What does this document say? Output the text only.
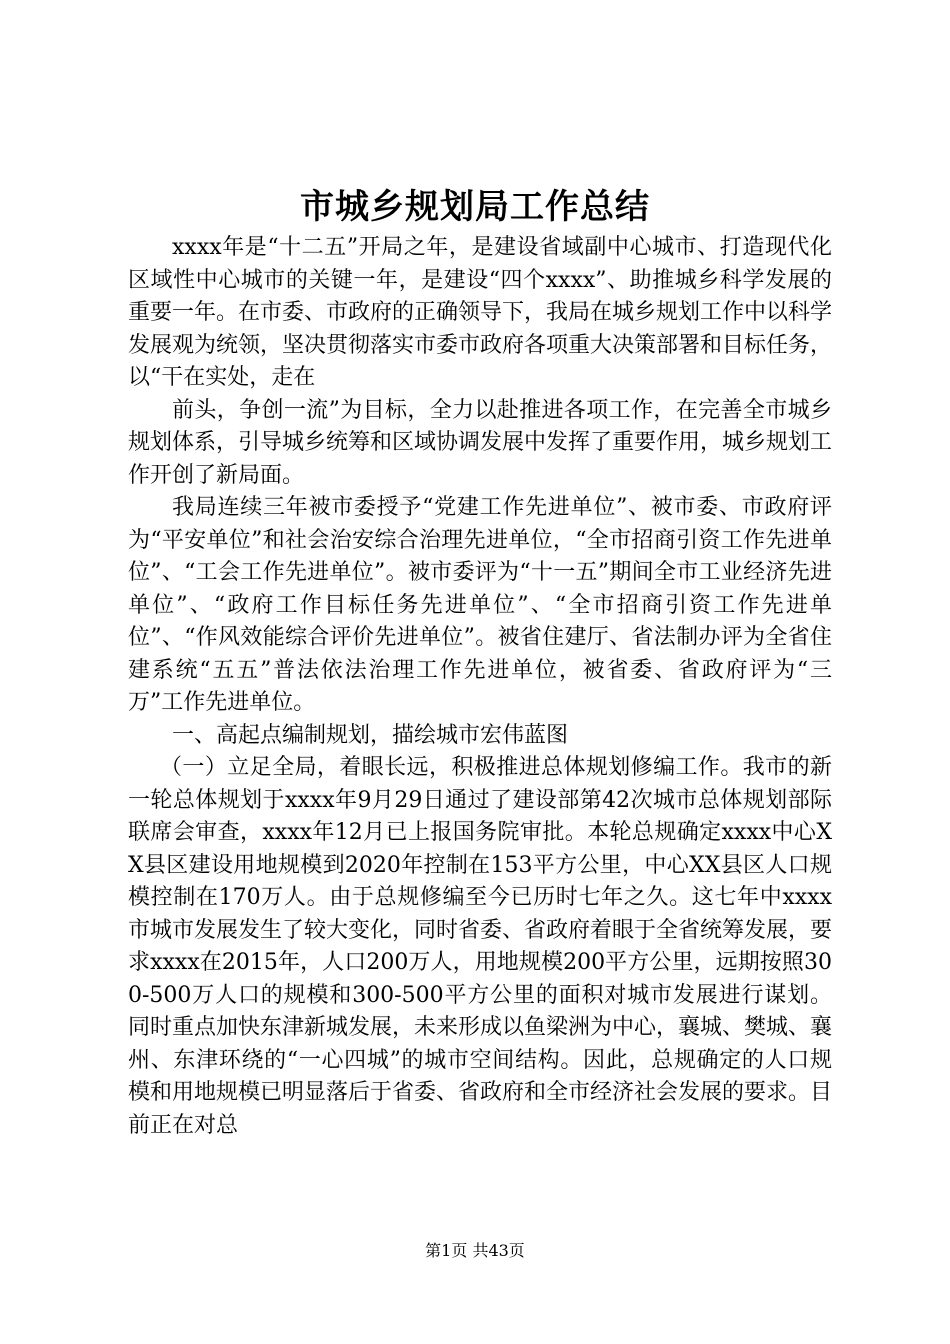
市城乡规划局工作总结

xxxx年是“十二五”开局之年，是建设省域副中心城市、打造现代化区域性中心城市的关键一年，是建设“四个xxxx”、助推城乡科学发展的重要一年。在市委、市政府的正确领导下，我局在城乡规划工作中以科学发展观为统领，坚决贯彻落实市委市政府各项重大决策部署和目标任务，以“干在实处，走在

前头，争创一流”为目标，全力以赴推进各项工作，在完善全市城乡规划体系，引导城乡统筹和区域协调发展中发挥了重要作用，城乡规划工作开创了新局面。

我局连续三年被市委授予“党建工作先进单位”、被市委、市政府评为“平安单位”和社会治安综合治理先进单位，“全市招商引资工作先进单位”、“工会工作先进单位”。被市委评为“十一五”期间全市工业经济先进单位”、“政府工作目标任务先进单位”、“全市招商引资工作先进单位”、“作风效能综合评价先进单位”。被省住建厅、省法制办评为全省住建系统“五五”普法依法治理工作先进单位，被省委、省政府评为“三万”工作先进单位。

一、高起点编制规划，描绘城市宏伟蓝图

（一）立足全局，着眼长远，积极推进总体规划修编工作。我市的新一轮总体规划于xxxx年9月29日通过了建设部第42次城市总体规划部际联席会审查，xxxx年12月已上报国务院审批。本轮总规确定xxxx中心XX县区建设用地规模到2020年控制在153平方公里，中心XX县区人口规模控制在170万人。由于总规修编至今已历时七年之久。这七年中xxxx市城市发展发生了较大变化，同时省委、省政府着眼于全省统筹发展，要求xxxx在2015年，人口200万人，用地规模200平方公里，远期按照300-500万人口的规模和300-500平方公里的面积对城市发展进行谋划。同时重点加快东津新城发展，未来形成以鱼梁洲为中心，襄城、樊城、襄州、东津环绕的“一心四城”的城市空间结构。因此，总规确定的人口规模和用地规模已明显落后于省委、省政府和全市经济社会发展的要求。目前正在对总

第1页 共43页
